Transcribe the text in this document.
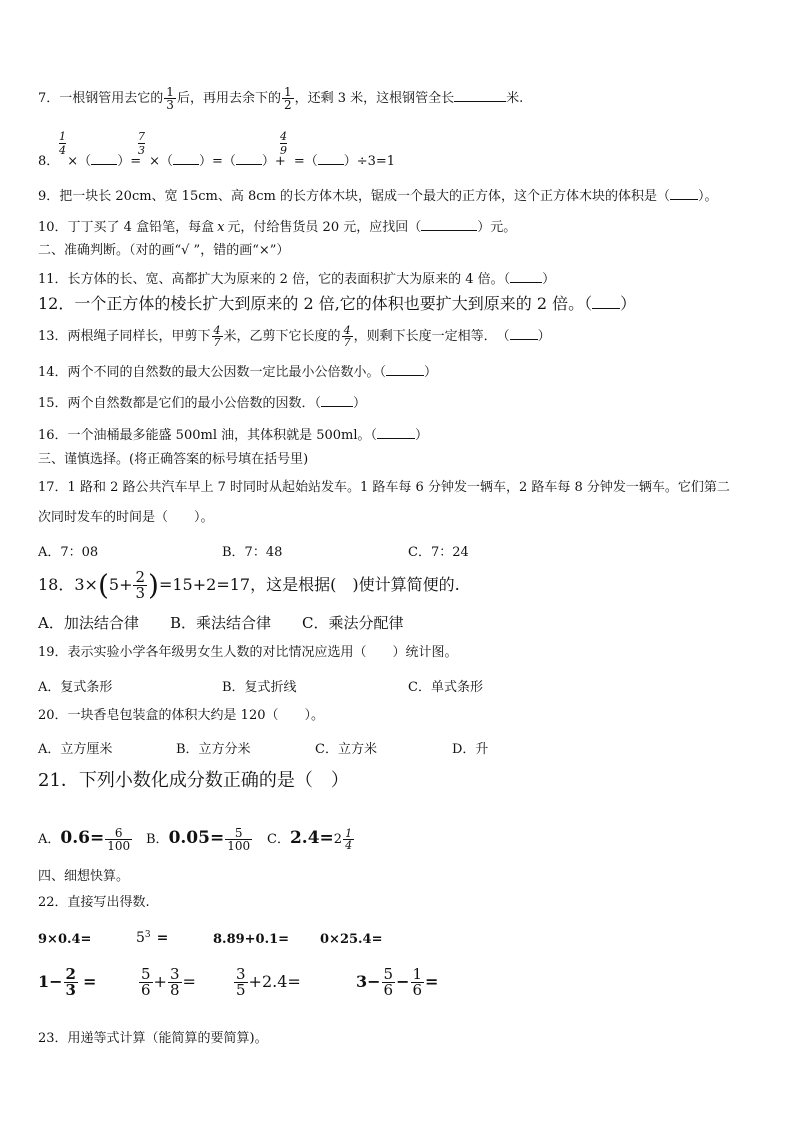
7．一根钢管用去它的 $\frac{1}{3}$ 后，再用去余下的 $\frac{1}{2}$ ，还剩 3 米，这根钢管全长	米.
1
4
7
3
4
9
8． ×（ ）= ×（ ）=（ ）+ =（ ）÷3=1
9．把一块长 20cm、宽 15cm、高 8cm 的长方体木块，锯成一个最大的正方体，这个正方体木块的体积是（ ）。
10．丁丁买了 4 盒铅笔，每盒 x 元，付给售货员 20 元，应找回（	）元。
二、准确判断。（对的画“√ ”，错的画“×”）
11．长方体的长、宽、高都扩大为原来的 2 倍，它的表面积扩大为原来的 4 倍。（ ）
12．一个正方体的棱长扩大到原来的 2 倍,它的体积也要扩大到原来的 2 倍。（ ）
13．两根绳子同样长，甲剪下 $\frac{4}{7}$ 米，乙剪下它长度的 $\frac{4}{7}$ ，则剩下长度一定相等．　（ ）
14．两个不同的自然数的最大公因数一定比最小公倍数小。（	）
15．两个自然数都是它们的最小公倍数的因数．（ ）
16．一个油桶最多能盛 500ml 油，其体积就是 500ml。（	）
三、谨慎选择。(将正确答案的标号填在括号里)
17．1 路和 2 路公共汽车早上 7 时同时从起始站发车。1 路车每 6 分钟发一辆车，2 路车每 8 分钟发一辆车。它们第二
次同时发车的时间是（　　）。
A．7：08	B．7：48	C．7：24
18．$3\times(5+ \frac{2}{3} )=15+2=17$，这是根据(　)使计算简便的.
A．加法结合律 B．乘法结合律 C．乘法分配律
19．表示实验小学各年级男女生人数的对比情况应选用（　　）统计图。
A．复式条形	B．复式折线	C．单式条形
20．一块香皂包装盒的体积大约是 120（　　）。
A．立方厘米	B．立方分米	C．立方米	D．升
21．下列小数化成分数正确的是（　）
A．$0.6= \frac{6}{100}$ B．$0.05= \frac{5}{100}$ C．$2.4=2 \frac{1}{4}$
四、细想快算。
22．直接写出得数.
9×0.4=	$5^3$ =	8.89+0.1= 0×25.4=
$1- \frac{2}{3}$ =	$\frac{5}{6} + \frac{3}{8}$ =	$\frac{3}{5} +2.4=$	$3- \frac{5}{6} - \frac{1}{6}$ =
23．用递等式计算（能简算的要简算)。
